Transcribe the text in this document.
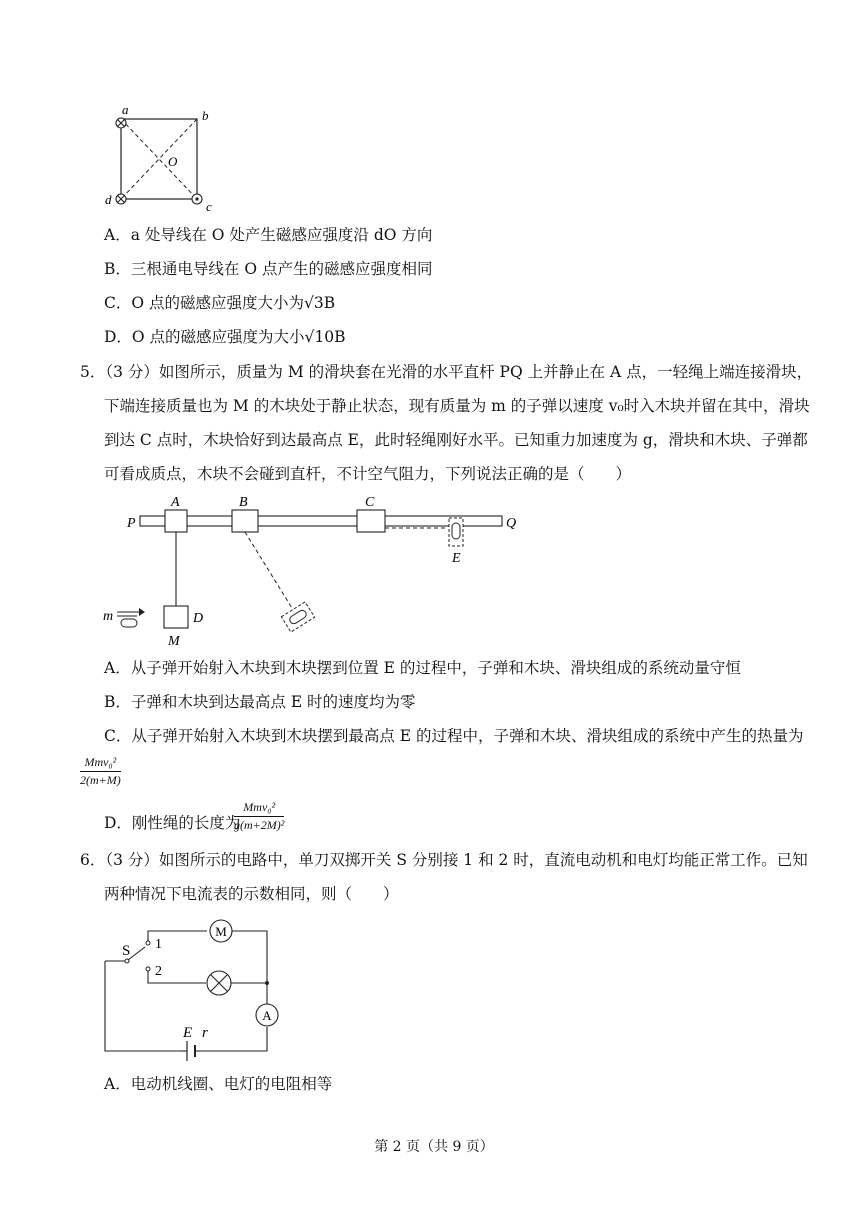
a	b
O
d	c
A．a 处导线在 O 处产生磁感应强度沿 dO 方向
B．三根通电导线在 O 点产生的磁感应强度相同
C．O 点的磁感应强度大小为√3B
D．O 点的磁感应强度为大小√10B
5．（3 分）如图所示，质量为 M 的滑块套在光滑的水平直杆 PQ 上并静止在 A 点，一轻绳上端连接滑块，
下端连接质量也为 M 的木块处于静止状态，现有质量为 m 的子弹以速度 v₀时入木块并留在其中，滑块
到达 C 点时，木块恰好到达最高点 E，此时轻绳刚好水平。已知重力加速度为 g，滑块和木块、子弹都
可看成质点，木块不会碰到直杆，不计空气阻力，下列说法正确的是（　　）
P	Q
A	B	C
E
D
M
m
A．从子弹开始射入木块到木块摆到位置 E 的过程中，子弹和木块、滑块组成的系统动量守恒
B．子弹和木块到达最高点 E 时的速度均为零
C．从子弹开始射入木块到木块摆到最高点 E 的过程中，子弹和木块、滑块组成的系统中产生的热量为
Mmv₀²
2(m+M)
D．刚性绳的长度为
Mmv₀²
g(m+2M)²
6．（3 分）如图所示的电路中，单刀双掷开关 S 分别接 1 和 2 时，直流电动机和电灯均能正常工作。已知
两种情况下电流表的示数相同，则（　　）
S 1
2
M
A
E r
A．电动机线圈、电灯的电阻相等
第 2 页（共 9 页）
